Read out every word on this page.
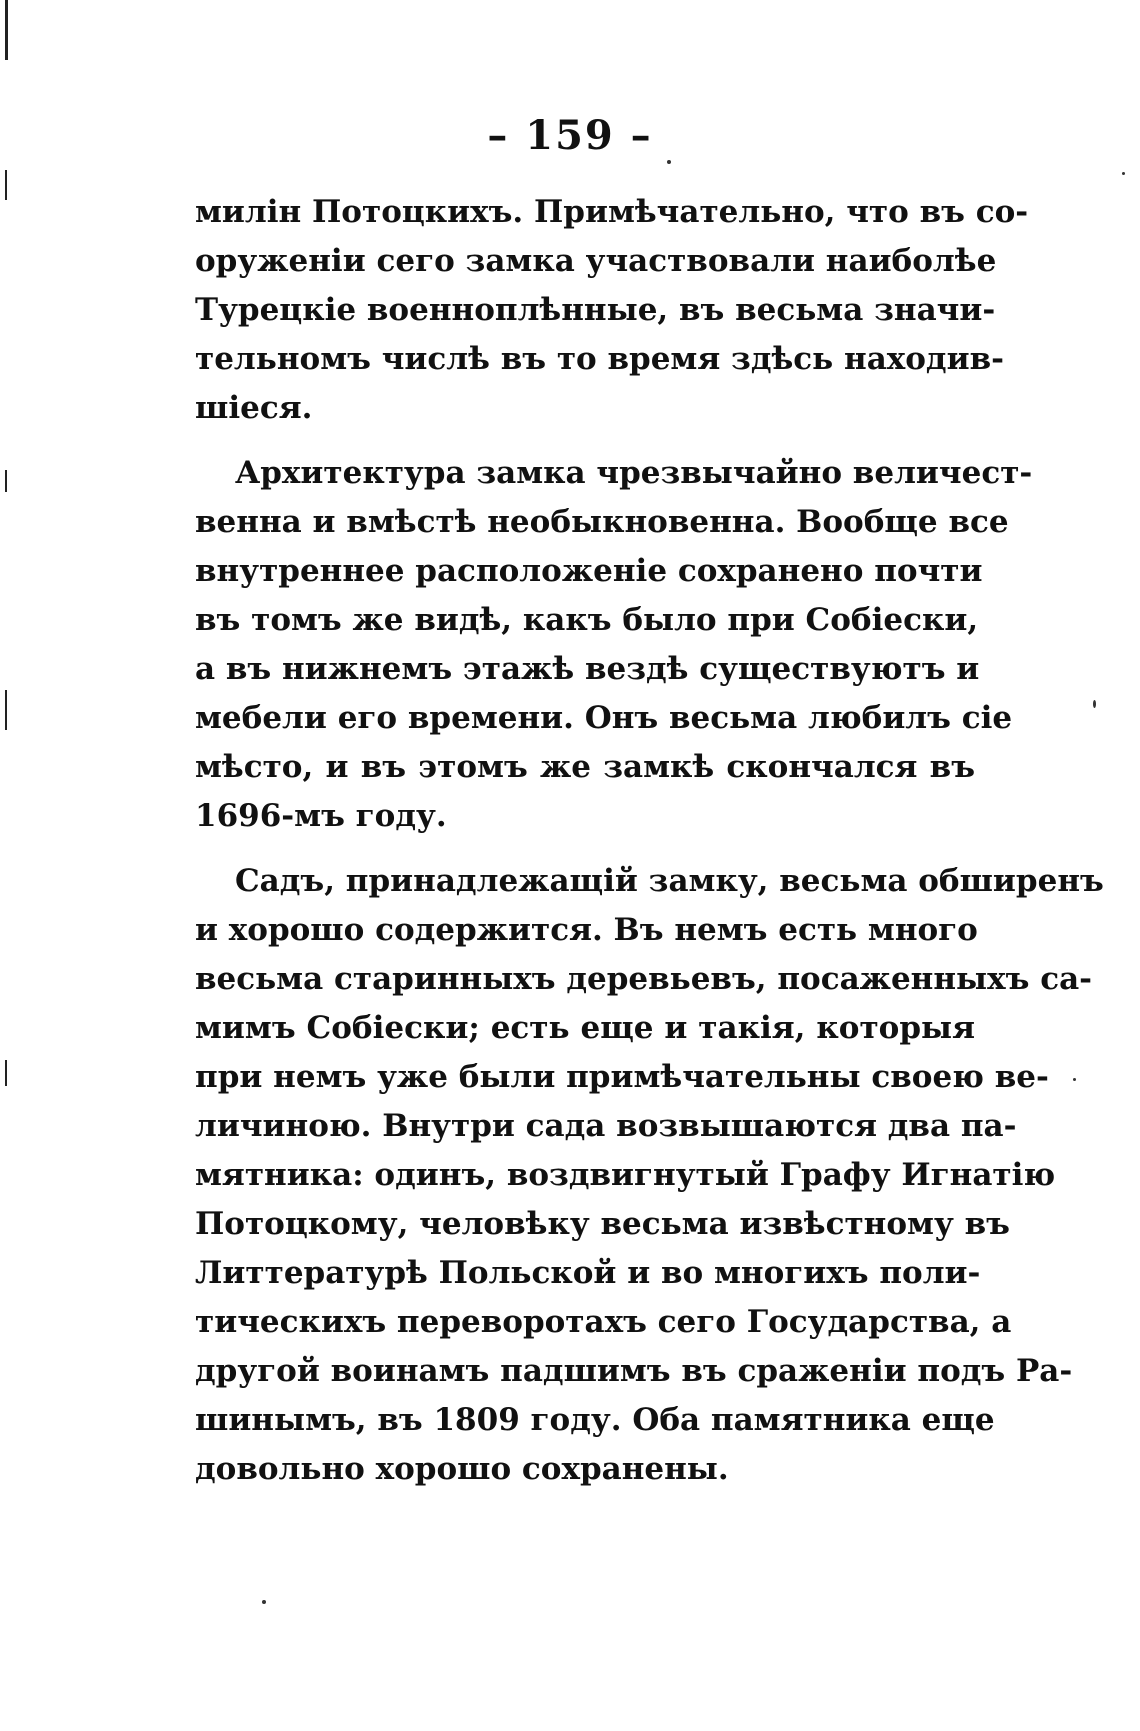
– 159 –
милін Потоцкихъ. Примѣчательно, что въ со-
оруженіи сего замка участвовали наиболѣе
Турецкіе военноплѣнные, въ весьма значи-
тельномъ числѣ въ то время здѣсь находив-
шіеся.
Архитектура замка чрезвычайно величест-
венна и вмѣстѣ необыкновенна. Вообще все
внутреннее расположеніе сохранено почти
въ томъ же видѣ, какъ было при Собіески,
а въ нижнемъ этажѣ вездѣ существуютъ и
мебели его времени. Онъ весьма любилъ сіе
мѣсто, и въ этомъ же замкѣ скончался въ
1696-мъ году.
Садъ, принадлежащій замку, весьма обширенъ
и хорошо содержится. Въ немъ есть много
весьма старинныхъ деревьевъ, посаженныхъ са-
мимъ Собіески; есть еще и такія, которыя
при немъ уже были примѣчательны своею ве-
личиною. Внутри сада возвышаются два па-
мятника: одинъ, воздвигнутый Графу Игнатію
Потоцкому, человѣку весьма извѣстному въ
Литтературѣ Польской и во многихъ поли-
тическихъ переворотахъ сего Государства, а
другой воинамъ падшимъ въ сраженіи подъ Ра-
шинымъ, въ 1809 году. Оба памятника еще
довольно хорошо сохранены.
